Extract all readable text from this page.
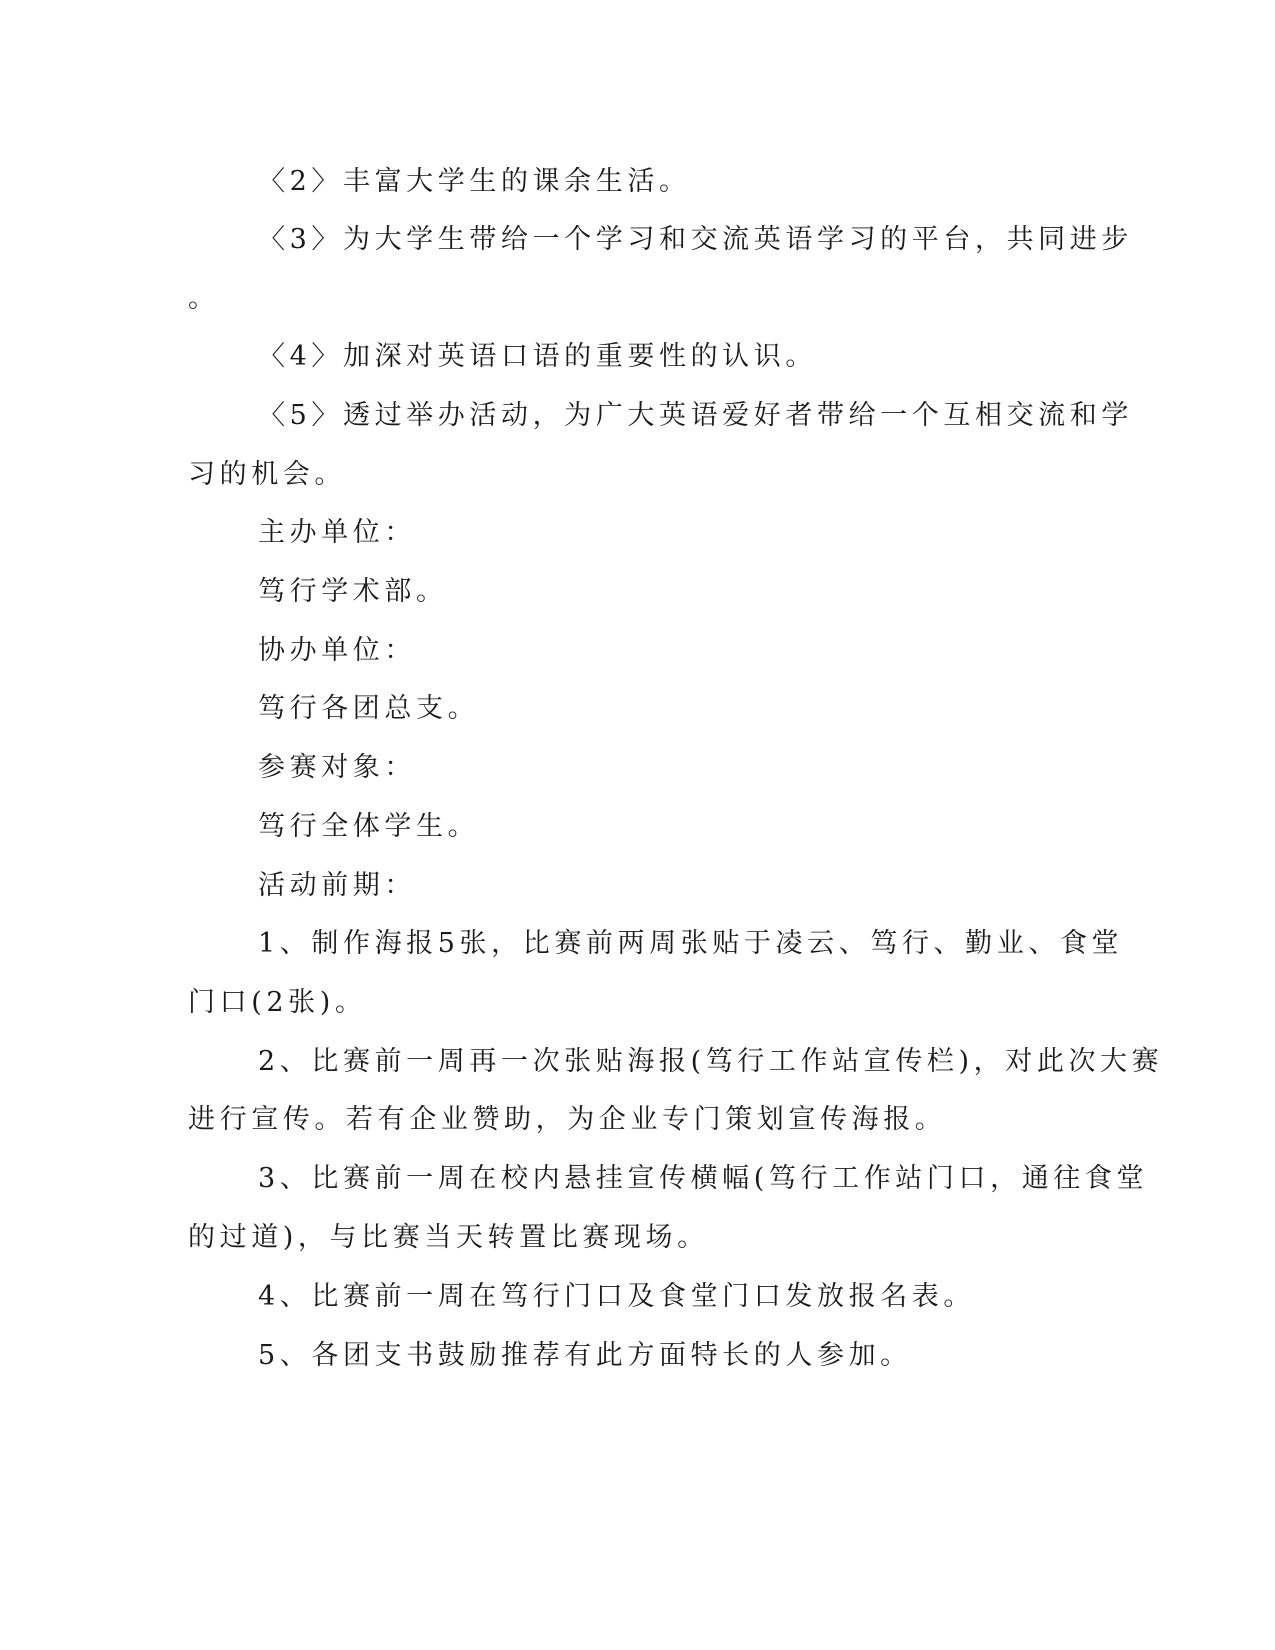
〈2〉丰富大学生的课余生活。

〈3〉为大学生带给一个学习和交流英语学习的平台，共同进步

。

〈4〉加深对英语口语的重要性的认识。

〈5〉透过举办活动，为广大英语爱好者带给一个互相交流和学

习的机会。

主办单位：

笃行学术部。

协办单位：

笃行各团总支。

参赛对象：

笃行全体学生。

活动前期：

1、制作海报5张，比赛前两周张贴于凌云、笃行、勤业、食堂

门口(2张)。

2、比赛前一周再一次张贴海报(笃行工作站宣传栏)，对此次大赛

进行宣传。若有企业赞助，为企业专门策划宣传海报。

3、比赛前一周在校内悬挂宣传横幅(笃行工作站门口，通往食堂

的过道)，与比赛当天转置比赛现场。

4、比赛前一周在笃行门口及食堂门口发放报名表。

5、各团支书鼓励推荐有此方面特长的人参加。
